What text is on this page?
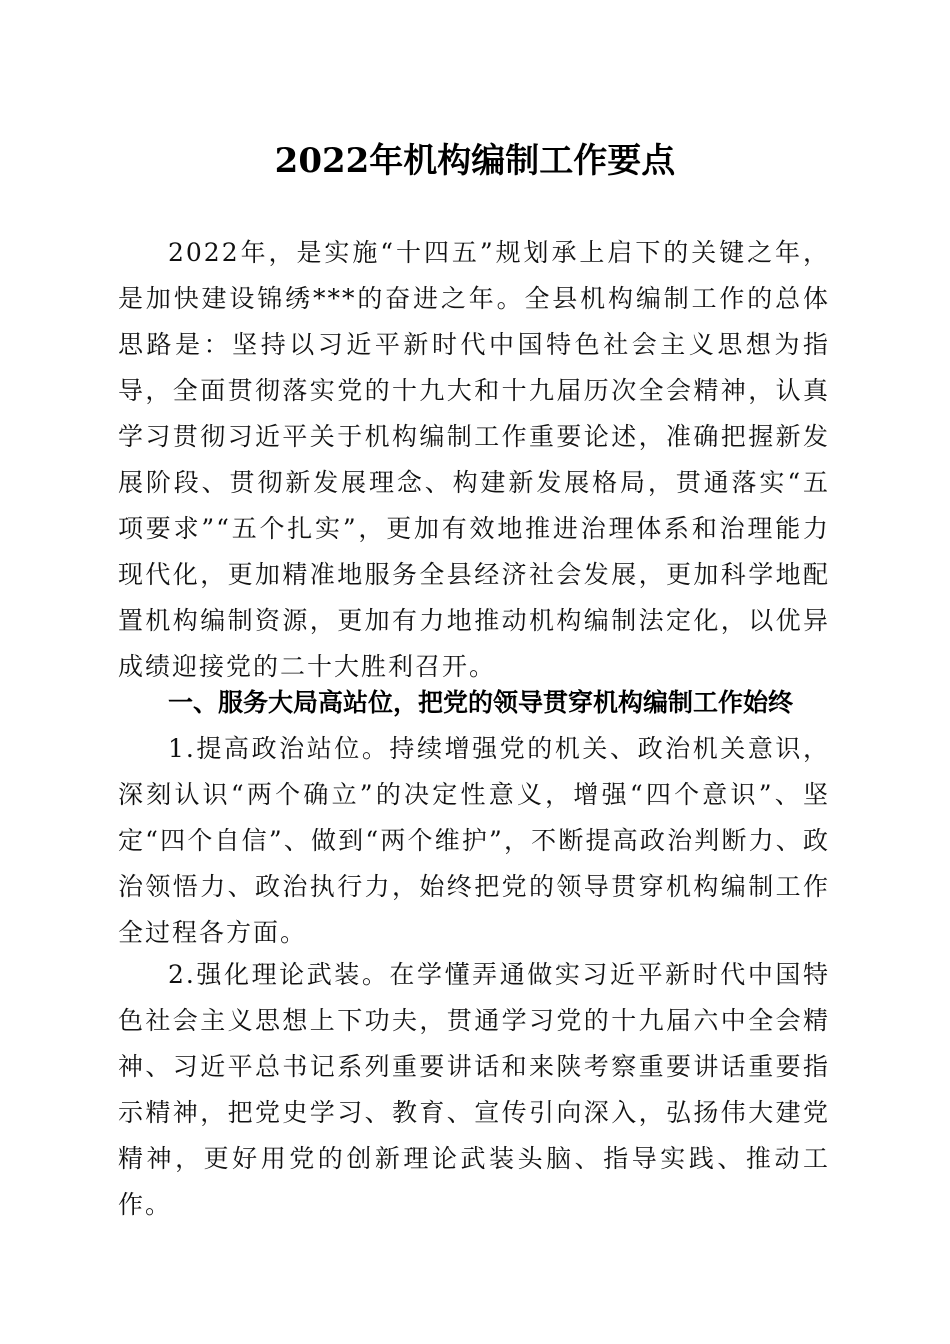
2022年机构编制工作要点

2022年，是实施“十四五”规划承上启下的关键之年，是加快建设锦绣***的奋进之年。全县机构编制工作的总体思路是：坚持以习近平新时代中国特色社会主义思想为指导，全面贯彻落实党的十九大和十九届历次全会精神，认真学习贯彻习近平关于机构编制工作重要论述，准确把握新发展阶段、贯彻新发展理念、构建新发展格局，贯通落实“五项要求”“五个扎实”，更加有效地推进治理体系和治理能力现代化，更加精准地服务全县经济社会发展，更加科学地配置机构编制资源，更加有力地推动机构编制法定化，以优异成绩迎接党的二十大胜利召开。

一、服务大局高站位，把党的领导贯穿机构编制工作始终

1.提高政治站位。持续增强党的机关、政治机关意识，深刻认识“两个确立”的决定性意义，增强“四个意识”、坚定“四个自信”、做到“两个维护”，不断提高政治判断力、政治领悟力、政治执行力，始终把党的领导贯穿机构编制工作全过程各方面。

2.强化理论武装。在学懂弄通做实习近平新时代中国特色社会主义思想上下功夫，贯通学习党的十九届六中全会精神、习近平总书记系列重要讲话和来陕考察重要讲话重要指示精神，把党史学习、教育、宣传引向深入，弘扬伟大建党精神，更好用党的创新理论武装头脑、指导实践、推动工作。
